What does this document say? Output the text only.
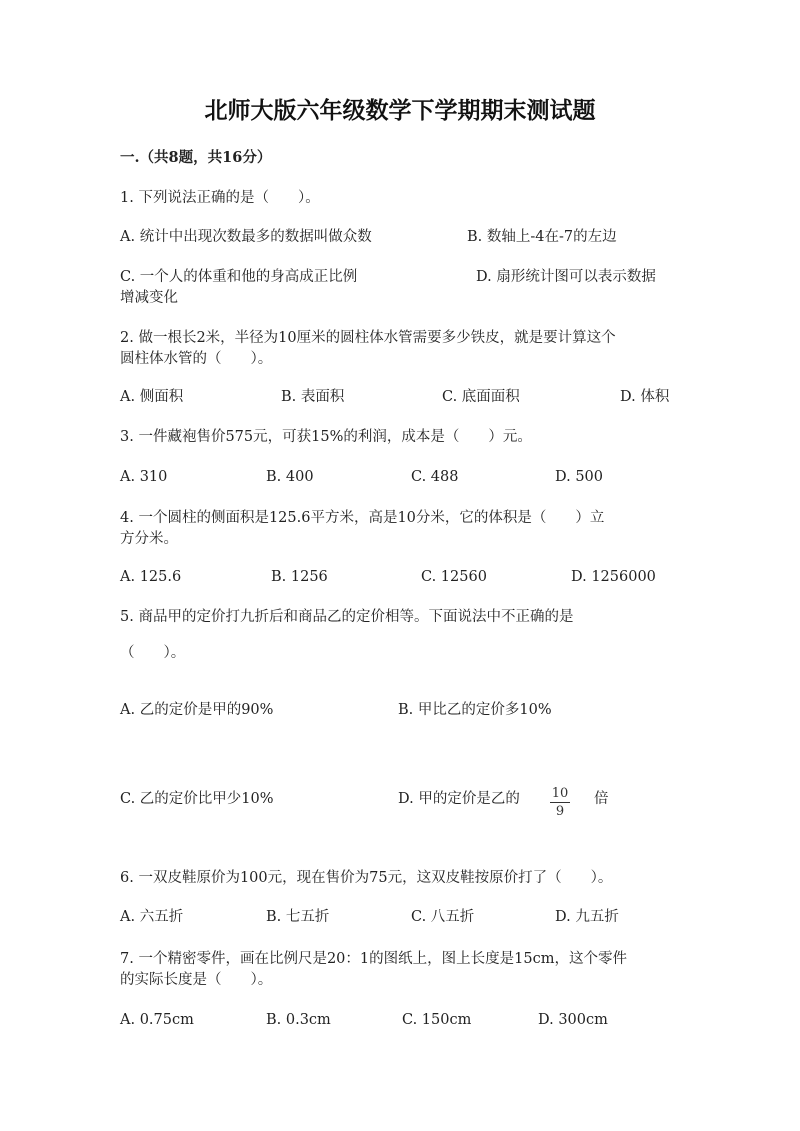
北师大版六年级数学下学期期末测试题
一.（共8题，共16分）
1. 下列说法正确的是（　　）。
A. 统计中出现次数最多的数据叫做众数	B. 数轴上-4在-7的左边
C. 一个人的体重和他的身高成正比例	D. 扇形统计图可以表示数据
增减变化
2. 做一根长2米，半径为10厘米的圆柱体水管需要多少铁皮，就是要计算这个
圆柱体水管的（　　）。
A. 侧面积	B. 表面积	C. 底面面积	D. 体积
3. 一件藏袍售价575元，可获15%的利润，成本是（　　）元。
A. 310	B. 400	C. 488	D. 500
4. 一个圆柱的侧面积是125.6平方米，高是10分米，它的体积是（　　）立
方分米。
A. 125.6	B. 1256	C. 12560	D. 1256000
5. 商品甲的定价打九折后和商品乙的定价相等。下面说法中不正确的是
（　　）。
A. 乙的定价是甲的90%	B. 甲比乙的定价多10%
C. 乙的定价比甲少10%	D. 甲的定价是乙的 10
9
倍
6. 一双皮鞋原价为100元，现在售价为75元，这双皮鞋按原价打了（　　）。
A. 六五折	B. 七五折	C. 八五折	D. 九五折
7. 一个精密零件，画在比例尺是20：1的图纸上，图上长度是15cm，这个零件
的实际长度是（　　）。
A. 0.75cm	B. 0.3cm	C. 150cm	D. 300cm
